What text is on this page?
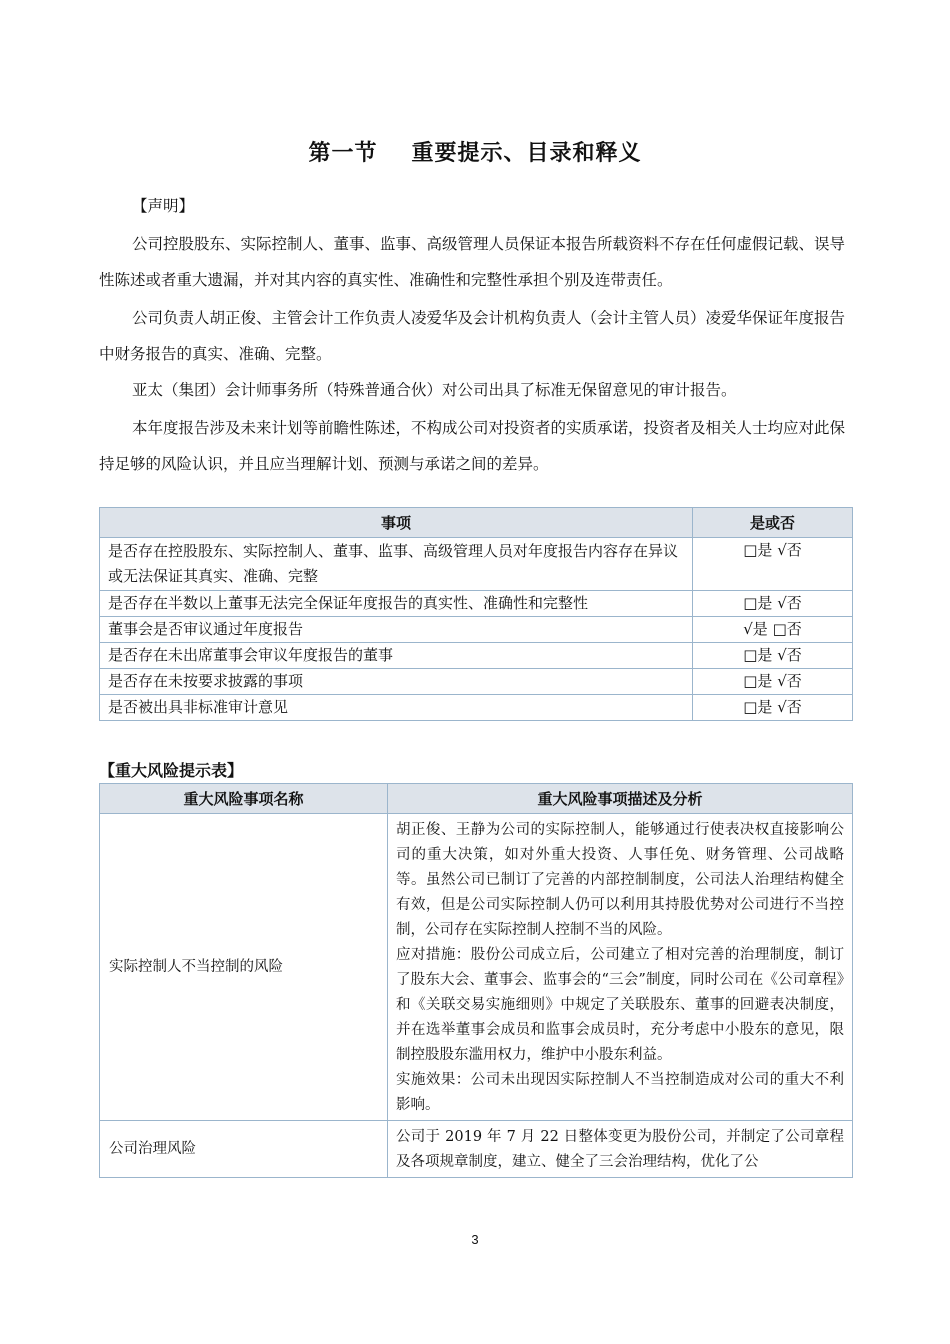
第一节 重要提示、目录和释义
【声明】
公司控股股东、实际控制人、董事、监事、高级管理人员保证本报告所载资料不存在任何虚假记载、误导性陈述或者重大遗漏，并对其内容的真实性、准确性和完整性承担个别及连带责任。
公司负责人胡正俊、主管会计工作负责人凌爱华及会计机构负责人（会计主管人员）凌爱华保证年度报告中财务报告的真实、准确、完整。
亚太（集团）会计师事务所（特殊普通合伙）对公司出具了标准无保留意见的审计报告。
本年度报告涉及未来计划等前瞻性陈述，不构成公司对投资者的实质承诺，投资者及相关人士均应对此保持足够的风险认识，并且应当理解计划、预测与承诺之间的差异。
事项	是或否
是否存在控股股东、实际控制人、董事、监事、高级管理人员对年度报告内容存在异议或无法保证其真实、准确、完整	□是 √否
是否存在半数以上董事无法完全保证年度报告的真实性、准确性和完整性	□是 √否
董事会是否审议通过年度报告	√是 □否
是否存在未出席董事会审议年度报告的董事	□是 √否
是否存在未按要求披露的事项	□是 √否
是否被出具非标准审计意见	□是 √否
【重大风险提示表】
重大风险事项名称	重大风险事项描述及分析
实际控制人不当控制的风险	胡正俊、王静为公司的实际控制人，能够通过行使表决权直接影响公司的重大决策，如对外重大投资、人事任免、财务管理、公司战略等。虽然公司已制订了完善的内部控制制度，公司法人治理结构健全有效，但是公司实际控制人仍可以利用其持股优势对公司进行不当控制，公司存在实际控制人控制不当的风险。
应对措施：股份公司成立后，公司建立了相对完善的治理制度，制订了股东大会、董事会、监事会的“三会”制度，同时公司在《公司章程》和《关联交易实施细则》中规定了关联股东、董事的回避表决制度，并在选举董事会成员和监事会成员时，充分考虑中小股东的意见，限制控股股东滥用权力，维护中小股东利益。
实施效果：公司未出现因实际控制人不当控制造成对公司的重大不利影响。

公司治理风险	公司于 2019 年 7 月 22 日整体变更为股份公司，并制定了公司章程及各项规章制度，建立、健全了三会治理结构，优化了公
3
